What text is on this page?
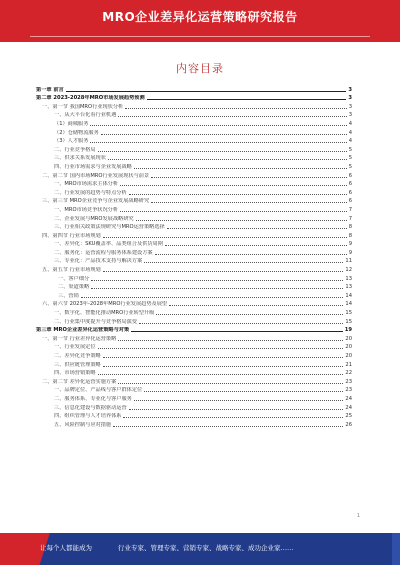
MRO企业差异化运营策略研究报告
内容目录
第一章 前言	3
第二章 2023-2028年MRO市场发展趋势预测	3
一、第一节 我国MRO行业现状分析	3
一、从大平台化看行业机遇	3
（1）商城服务	4
（2）仓储物流服务	4
（3）人才服务	4
二、行业竞争格局	5
三、供求关系发展现状	5
四、行业市场需求与企业发展战略	5
二、第二节 国内市场MRO行业发展现状与前景	6
一、MRO市场需求主体分析	6
二、行业发展的趋势与特点分析	6
三、第三节 MRO企业竞争与企业发展战略研究	6
一、MRO市场竞争状况分析	7
二、企业发展与MRO发展战略研究	7
三、行业相关政策法规研究与MRO运营策略选择	8
四、第四节 行业市场规划	8
一、差异化：SKU覆盖率、品类组合及供货周期	9
二、服务化：运营流程与服务体系建设方案	9
三、专业化：产品技术支持与解决方案	11
五、第五节 行业市场规划	12
一、客户细分	13
二、渠道策略	13
三、营销	14
六、第六节 2023年-2028年MRO行业发展趋势及展望	14
一、数字化、智能化推动MRO行业转型升级	15
二、行业集中度提升与竞争格局演变	15
第三章 MRO企业差异化运营策略与对策	19
一、第一节 行业差异化运营策略	20
一、行业发展定位	20
二、差异化竞争策略	20
三、供应链管理策略	21
四、市场营销策略	22
二、第二节 差异化运营实施方案	23
一、品牌定位、产品线与客户群体定位	23
二、服务体系、专业化与客户服务	24
三、信息化建设与数据驱动运营	24
四、组织管理与人才培养体系	25
五、风险控制与应对措施	26
1
让每个人都能成为	行业专家、管理专家、营销专家、战略专家、成功企业家……
